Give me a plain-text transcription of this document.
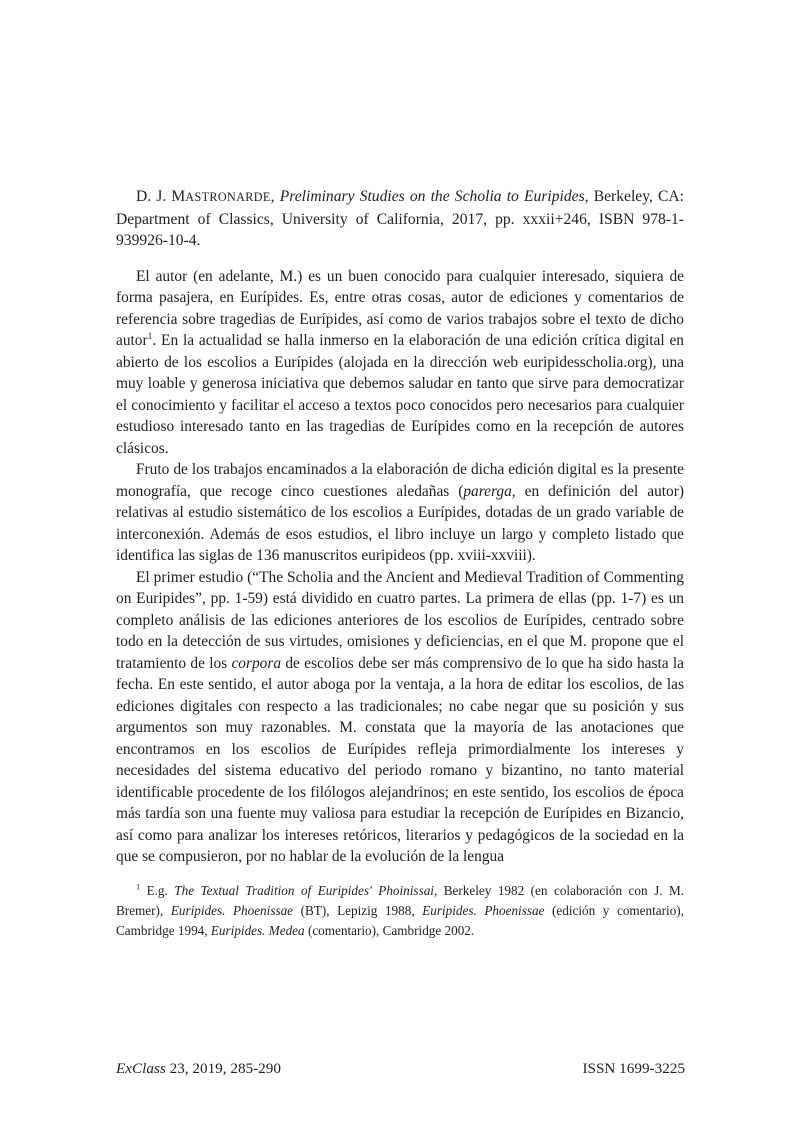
D. J. MASTRONARDE, Preliminary Studies on the Scholia to Euripides, Berkeley, CA: Department of Classics, University of California, 2017, pp. xxxii+246, ISBN 978-1-939926-10-4.

El autor (en adelante, M.) es un buen conocido para cualquier interesado, siquiera de forma pasajera, en Eurípides. Es, entre otras cosas, autor de ediciones y comentarios de referencia sobre tragedias de Eurípides, así como de varios trabajos sobre el texto de dicho autor$^1$. En la actualidad se halla inmerso en la elaboración de una edición crítica digital en abierto de los escolios a Eurípides (alojada en la dirección web euripidesscholia.org), una muy loable y generosa iniciativa que debemos saludar en tanto que sirve para democratizar el conocimiento y facilitar el acceso a textos poco conocidos pero necesarios para cualquier estudioso interesado tanto en las tragedias de Eurípides como en la recepción de autores clásicos.

Fruto de los trabajos encaminados a la elaboración de dicha edición digital es la presente monografía, que recoge cinco cuestiones aledañas (parerga, en definición del autor) relativas al estudio sistemático de los escolios a Eurípides, dotadas de un grado variable de interconexión. Además de esos estudios, el libro incluye un largo y completo listado que identifica las siglas de 136 manuscritos euripideos (pp. xviii-xxviii).

El primer estudio (“The Scholia and the Ancient and Medieval Tradition of Commenting on Euripides”, pp. 1-59) está dividido en cuatro partes. La primera de ellas (pp. 1-7) es un completo análisis de las ediciones anteriores de los escolios de Eurípides, centrado sobre todo en la detección de sus virtudes, omisiones y deficiencias, en el que M. propone que el tratamiento de los corpora de escolios debe ser más comprensivo de lo que ha sido hasta la fecha. En este sentido, el autor aboga por la ventaja, a la hora de editar los escolios, de las ediciones digitales con respecto a las tradicionales; no cabe negar que su posición y sus argumentos son muy razonables. M. constata que la mayoría de las anotaciones que encontramos en los escolios de Eurípides refleja primordialmente los intereses y necesidades del sistema educativo del periodo romano y bizantino, no tanto material identificable procedente de los filólogos alejandrinos; en este sentido, los escolios de época más tardía son una fuente muy valiosa para estudiar la recepción de Eurípides en Bizancio, así como para analizar los intereses retóricos, literarios y pedagógicos de la sociedad en la que se compusieron, por no hablar de la evolución de la lengua

$^1$ E.g. The Textual Tradition of Euripides' Phoinissai, Berkeley 1982 (en colaboración con J. M. Bremer), Euripides. Phoenissae (BT), Lepizig 1988, Euripides. Phoenissae (edición y comentario), Cambridge 1994, Euripides. Medea (comentario), Cambridge 2002.
ExClass 23, 2019, 285-290	ISSN 1699-3225
